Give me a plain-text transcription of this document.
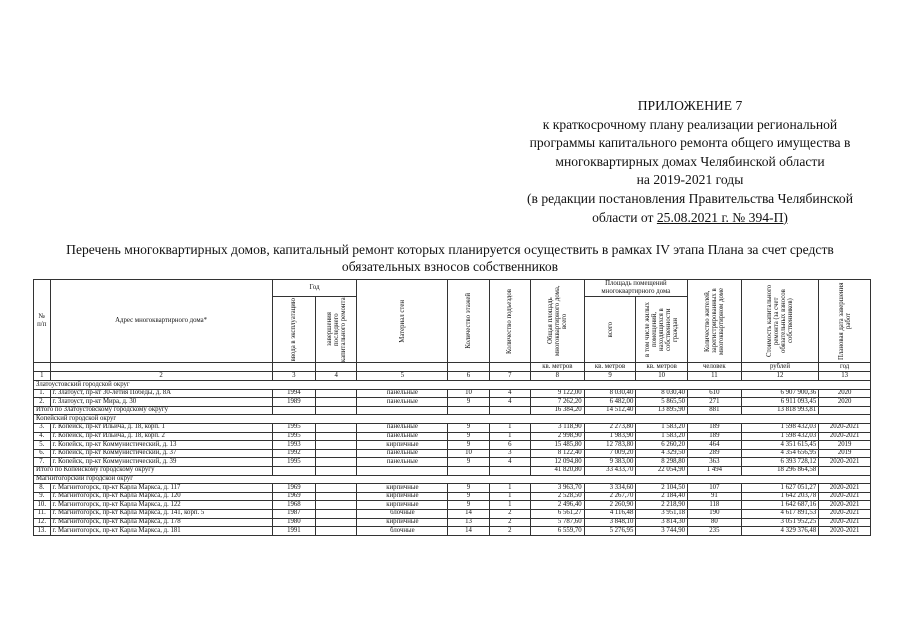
ПРИЛОЖЕНИЕ 7
к краткосрочному плану реализации региональной
программы капитального ремонта общего имущества в
многоквартирных домах Челябинской области
на 2019-2021 годы
(в редакции постановления Правительства Челябинской
области от 25.08.2021 г. № 394-П)
Перечень многоквартирных домов, капитальный ремонт которых планируется осуществить в рамках IV этапа Плана за счет средств обязательных взносов собственников
№ п/п	Адрес многоквартирного дома*	Год		Материал стен	Количество этажей	Количество подъездов	Общая площадь многоквартирного дома, всего	Площадь помещений многоквартирного дома		Количество жителей, зарегистрированных в многоквартирном доме	Стоимость капитального ремонта (за счет обязательных взносов собственников)	Плановая дата завершения работ

		ввода в эксплуатацию	завершения последнего капитального ремонта					всего	в том числе жилых помещений, находящихся в собственности граждан			

							кв. метров	кв. метров	кв. метров	человек	рублей	год
1	2	3	4	5	6	7	8	9	10	11	12	13
Златоустовский городской округ												
1.	г. Златоуст, пр-кт 30-летия Победы, д. 8А	1994		панельные	10	4	9 122,00	8 030,40	8 030,40	610	6 907 900,36	2020
2.	г. Златоуст, пр-кт Мира, д. 30	1989		панельные	9	4	7 262,20	6 482,00	5 865,50	271	6 911 093,45	2020
Итого по Златоустовскому городскому округу							16 384,20	14 512,40	13 895,90	881	13 818 993,81	
Копейский городской округ												
3.	г. Копейск, пр-кт Ильича, д. 18, корп. 1	1995		панельные	9	1	3 118,90	2 273,80	1 583,20	189	1 598 432,03	2020-2021
4.	г. Копейск, пр-кт Ильича, д. 18, корп. 2	1995		панельные	9	1	2 998,90	1 983,90	1 583,20	189	1 598 432,03	2020-2021
5.	г. Копейск, пр-кт Коммунистический, д. 13	1993		кирпичные	9	6	15 485,80	12 783,80	6 260,20	464	4 351 615,45	2019
6.	г. Копейск, пр-кт Коммунистический, д. 37	1992		панельные	10	3	8 122,40	7 009,20	4 329,50	289	4 354 656,95	2019
7.	г. Копейск, пр-кт Коммунистический, д. 39	1995		панельные	9	4	12 094,80	9 383,00	8 298,80	363	6 393 728,12	2020-2021
Итого по Копейскому городскому округу							41 820,80	33 433,70	22 054,90	1 494	18 296 864,58	
Магнитогорский городской округ												
8.	г. Магнитогорск, пр-кт Карла Маркса, д. 117	1969		кирпичные	9	1	3 963,70	3 334,60	2 104,50	107	1 627 051,27	2020-2021
9.	г. Магнитогорск, пр-кт Карла Маркса, д. 120	1969		кирпичные	9	1	2 528,50	2 267,70	2 184,40	91	1 642 203,78	2020-2021
10.	г. Магнитогорск, пр-кт Карла Маркса, д. 122	1968		кирпичные	9	1	2 496,40	2 260,90	2 218,90	118	1 642 687,16	2020-2021
11.	г. Магнитогорск, пр-кт Карла Маркса, д. 141, корп. 5	1987		блочные	14	2	6 561,27	4 116,48	3 951,18	190	4 617 891,53	2020-2021
12.	г. Магнитогорск, пр-кт Карла Маркса, д. 178	1980		кирпичные	13	2	5 787,60	3 848,10	3 814,30	80	3 051 952,25	2020-2021
13.	г. Магнитогорск, пр-кт Карла Маркса, д. 181	1991		блочные	14	2	6 559,70	5 276,95	3 744,90	235	4 329 376,48	2020-2021
